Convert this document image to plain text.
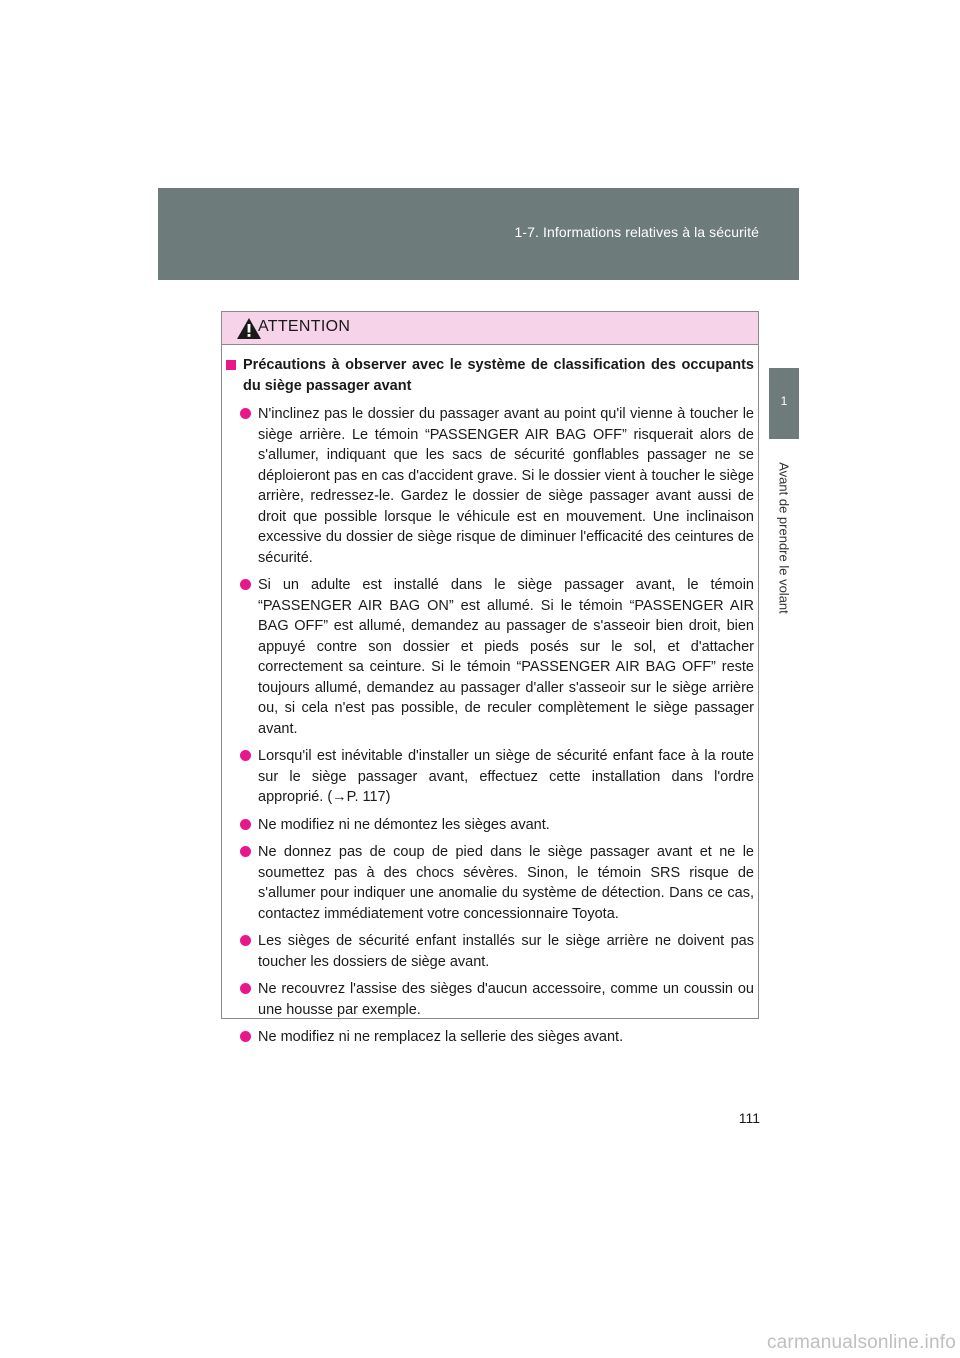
1-7. Informations relatives à la sécurité
1
Avant de prendre le volant
ATTENTION
Précautions à observer avec le système de classification des occupants du siège passager avant
N'inclinez pas le dossier du passager avant au point qu'il vienne à toucher le siège arrière. Le témoin “PASSENGER AIR BAG OFF” risquerait alors de s'allumer, indiquant que les sacs de sécurité gonflables passager ne se déploieront pas en cas d'accident grave. Si le dossier vient à toucher le siège arrière, redressez-le. Gardez le dossier de siège passager avant aussi de droit que possible lorsque le véhicule est en mouvement. Une inclinaison excessive du dossier de siège risque de diminuer l'efficacité des ceintures de sécurité.
Si un adulte est installé dans le siège passager avant, le témoin “PASSENGER AIR BAG ON” est allumé. Si le témoin “PASSENGER AIR BAG OFF” est allumé, demandez au passager de s'asseoir bien droit, bien appuyé contre son dossier et pieds posés sur le sol, et d'attacher correctement sa ceinture. Si le témoin “PASSENGER AIR BAG OFF” reste toujours allumé, demandez au passager d'aller s'asseoir sur le siège arrière ou, si cela n'est pas possible, de reculer complètement le siège passager avant.
Lorsqu'il est inévitable d'installer un siège de sécurité enfant face à la route sur le siège passager avant, effectuez cette installation dans l'ordre approprié. (→P. 117)
Ne modifiez ni ne démontez les sièges avant.
Ne donnez pas de coup de pied dans le siège passager avant et ne le soumettez pas à des chocs sévères. Sinon, le témoin SRS risque de s'allumer pour indiquer une anomalie du système de détection. Dans ce cas, contactez immédiatement votre concessionnaire Toyota.
Les sièges de sécurité enfant installés sur le siège arrière ne doivent pas toucher les dossiers de siège avant.
Ne recouvrez l'assise des sièges d'aucun accessoire, comme un coussin ou une housse par exemple.
Ne modifiez ni ne remplacez la sellerie des sièges avant.
111
carmanualsonline.info
